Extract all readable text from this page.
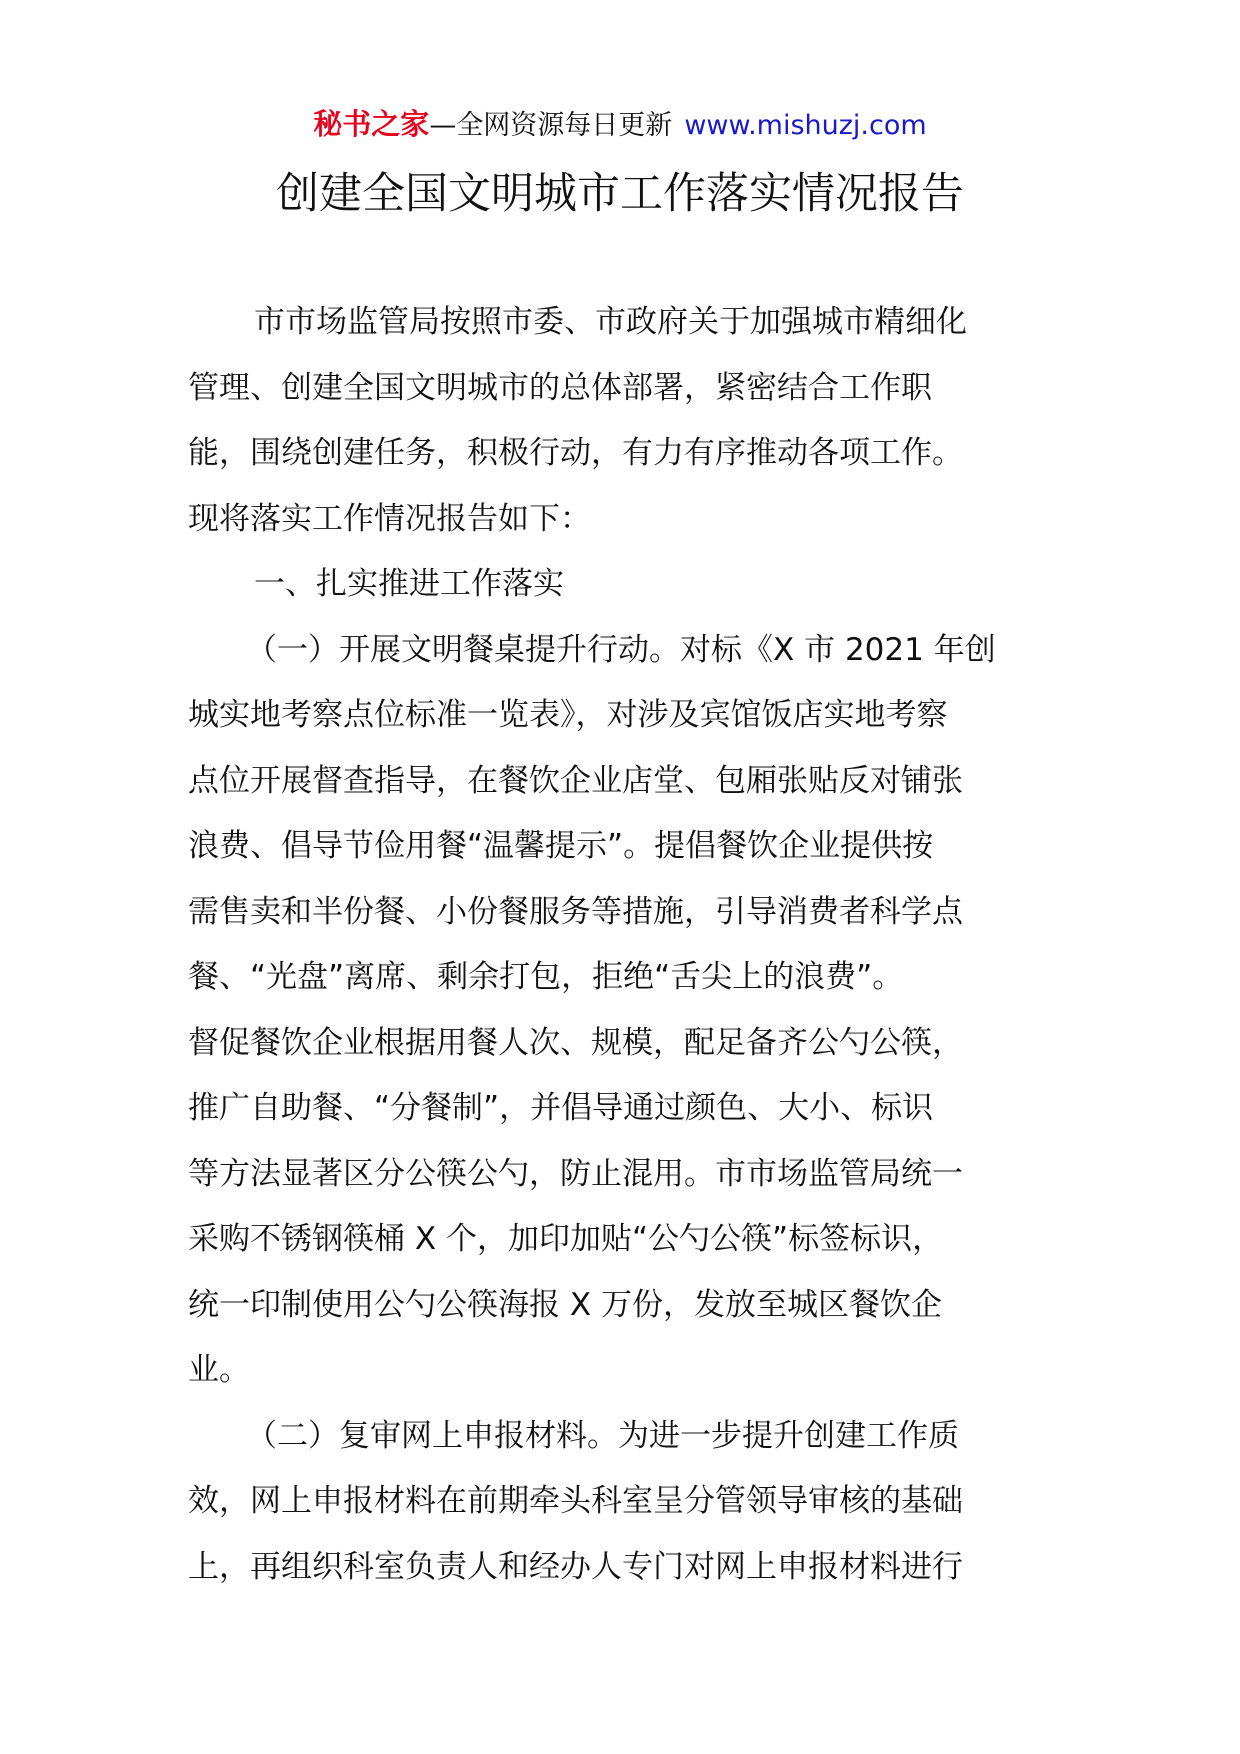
秘书之家—全网资源每日更新 www.mishuzj.com
创建全国文明城市工作落实情况报告
市市场监管局按照市委、市政府关于加强城市精细化
管理、创建全国文明城市的总体部署，紧密结合工作职
能，围绕创建任务，积极行动，有力有序推动各项工作。
现将落实工作情况报告如下：
一、扎实推进工作落实
（一）开展文明餐桌提升行动。对标《X 市 2021 年创
城实地考察点位标准一览表》，对涉及宾馆饭店实地考察
点位开展督查指导，在餐饮企业店堂、包厢张贴反对铺张
浪费、倡导节俭用餐“温馨提示”。提倡餐饮企业提供按
需售卖和半份餐、小份餐服务等措施，引导消费者科学点
餐、“光盘”离席、剩余打包，拒绝“舌尖上的浪费”。
督促餐饮企业根据用餐人次、规模，配足备齐公勺公筷，
推广自助餐、“分餐制”，并倡导通过颜色、大小、标识
等方法显著区分公筷公勺，防止混用。市市场监管局统一
采购不锈钢筷桶 X 个，加印加贴“公勺公筷”标签标识，
统一印制使用公勺公筷海报 X 万份，发放至城区餐饮企
业。
（二）复审网上申报材料。为进一步提升创建工作质
效，网上申报材料在前期牵头科室呈分管领导审核的基础
上，再组织科室负责人和经办人专门对网上申报材料进行
